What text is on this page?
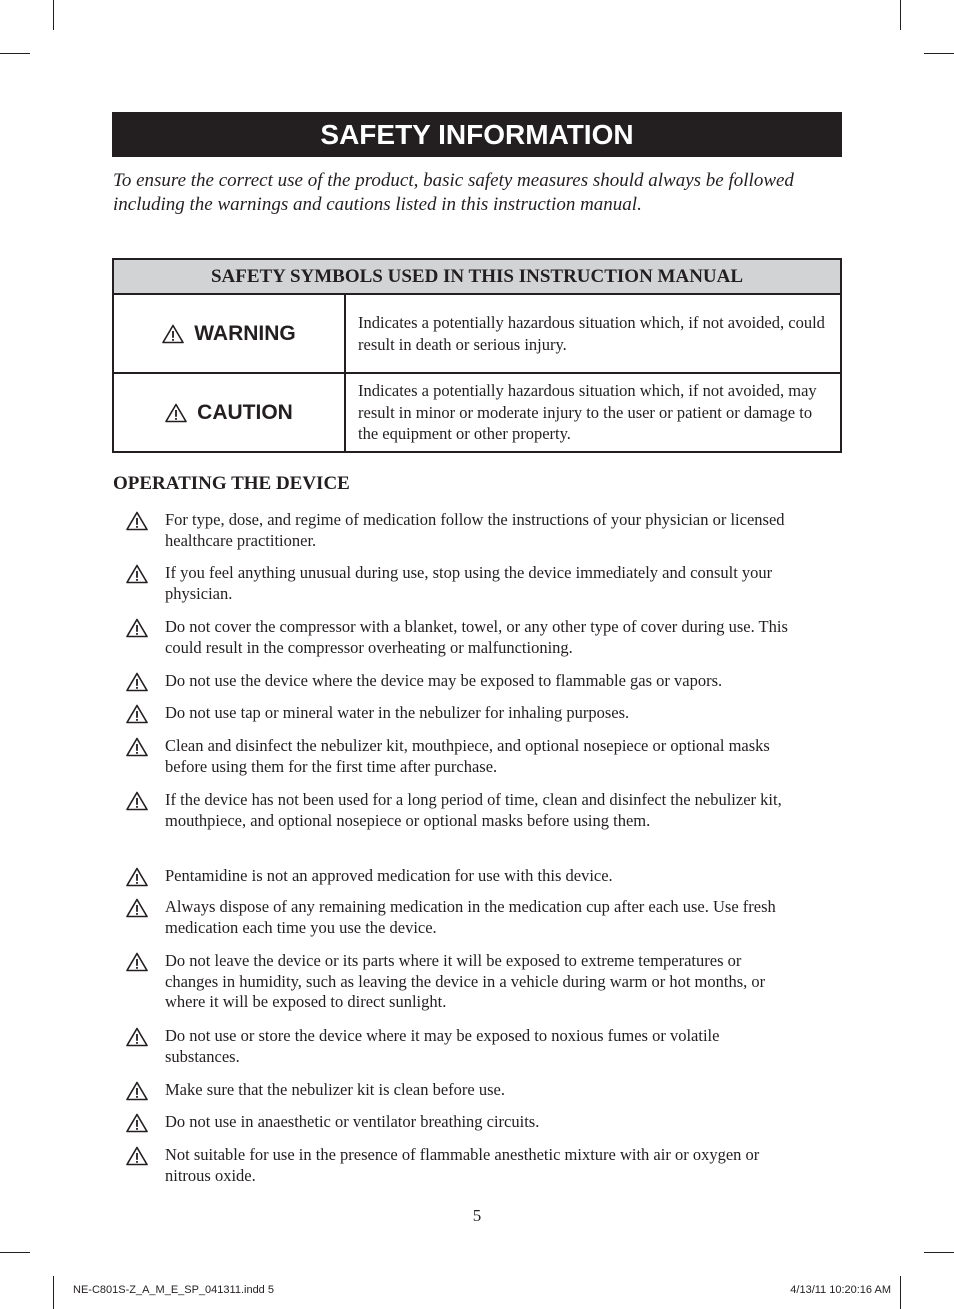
SAFETY INFORMATION
To ensure the correct use of the product, basic safety measures should always be followed including the warnings and cautions listed in this instruction manual.
SAFETY SYMBOLS USED IN THIS INSTRUCTION MANUAL	

WARNING	Indicates a potentially hazardous situation which, if not avoided, could result in death or serious injury.

CAUTION	Indicates a potentially hazardous situation which, if not avoided, may result in minor or moderate injury to the user or patient or damage to the equipment or other property.
OPERATING THE DEVICE
For type, dose, and regime of medication follow the instructions of your physician or licensed healthcare practitioner.
If you feel anything unusual during use, stop using the device immediately and consult your physician.
Do not cover the compressor with a blanket, towel, or any other type of cover during use. This could result in the compressor overheating or malfunctioning.
Do not use the device where the device may be exposed to flammable gas or vapors.
Do not use tap or mineral water in the nebulizer for inhaling purposes.
Clean and disinfect the nebulizer kit, mouthpiece, and optional nosepiece or optional masks before using them for the first time after purchase.
If the device has not been used for a long period of time, clean and disinfect the nebulizer kit, mouthpiece, and optional nosepiece or optional masks before using them.
Pentamidine is not an approved medication for use with this device.
Always dispose of any remaining medication in the medication cup after each use. Use fresh medication each time you use the device.
Do not leave the device or its parts where it will be exposed to extreme temperatures or changes in humidity, such as leaving the device in a vehicle during warm or hot months, or where it will be exposed to direct sunlight.
Do not use or store the device where it may be exposed to noxious fumes or volatile substances.
Make sure that the nebulizer kit is clean before use.
Do not use in anaesthetic or ventilator breathing circuits.
Not suitable for use in the presence of flammable anesthetic mixture with air or oxygen or nitrous oxide.
5
NE-C801S-Z_A_M_E_SP_041311.indd 5	4/13/11 10:20:16 AM
